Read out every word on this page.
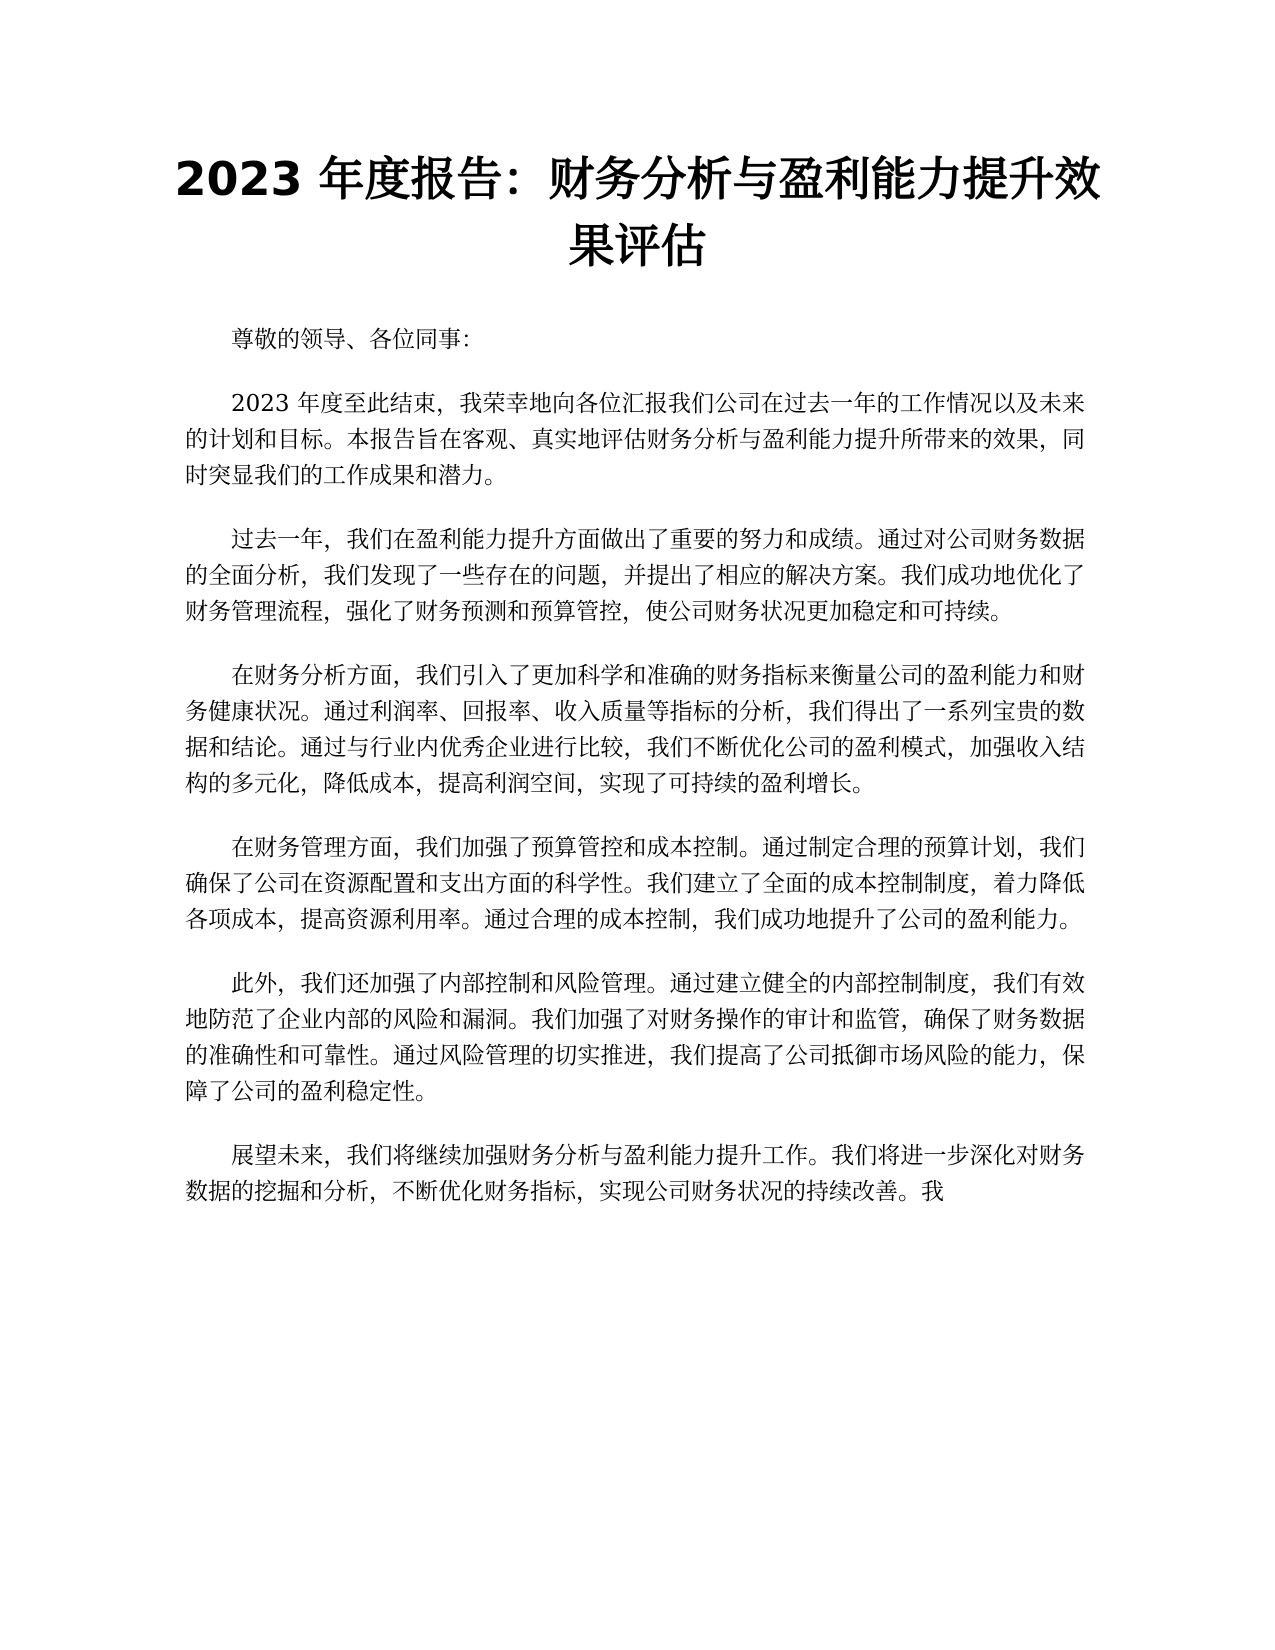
2023 年度报告：财务分析与盈利能力提升效果评估

尊敬的领导、各位同事：

2023 年度至此结束，我荣幸地向各位汇报我们公司在过去一年的工作情况以及未来的计划和目标。本报告旨在客观、真实地评估财务分析与盈利能力提升所带来的效果，同时突显我们的工作成果和潜力。

过去一年，我们在盈利能力提升方面做出了重要的努力和成绩。通过对公司财务数据的全面分析，我们发现了一些存在的问题，并提出了相应的解决方案。我们成功地优化了财务管理流程，强化了财务预测和预算管控，使公司财务状况更加稳定和可持续。

在财务分析方面，我们引入了更加科学和准确的财务指标来衡量公司的盈利能力和财务健康状况。通过利润率、回报率、收入质量等指标的分析，我们得出了一系列宝贵的数据和结论。通过与行业内优秀企业进行比较，我们不断优化公司的盈利模式，加强收入结构的多元化，降低成本，提高利润空间，实现了可持续的盈利增长。

在财务管理方面，我们加强了预算管控和成本控制。通过制定合理的预算计划，我们确保了公司在资源配置和支出方面的科学性。我们建立了全面的成本控制制度，着力降低各项成本，提高资源利用率。通过合理的成本控制，我们成功地提升了公司的盈利能力。

此外，我们还加强了内部控制和风险管理。通过建立健全的内部控制制度，我们有效地防范了企业内部的风险和漏洞。我们加强了对财务操作的审计和监管，确保了财务数据的准确性和可靠性。通过风险管理的切实推进，我们提高了公司抵御市场风险的能力，保障了公司的盈利稳定性。

展望未来，我们将继续加强财务分析与盈利能力提升工作。我们将进一步深化对财务数据的挖掘和分析，不断优化财务指标，实现公司财务状况的持续改善。我
